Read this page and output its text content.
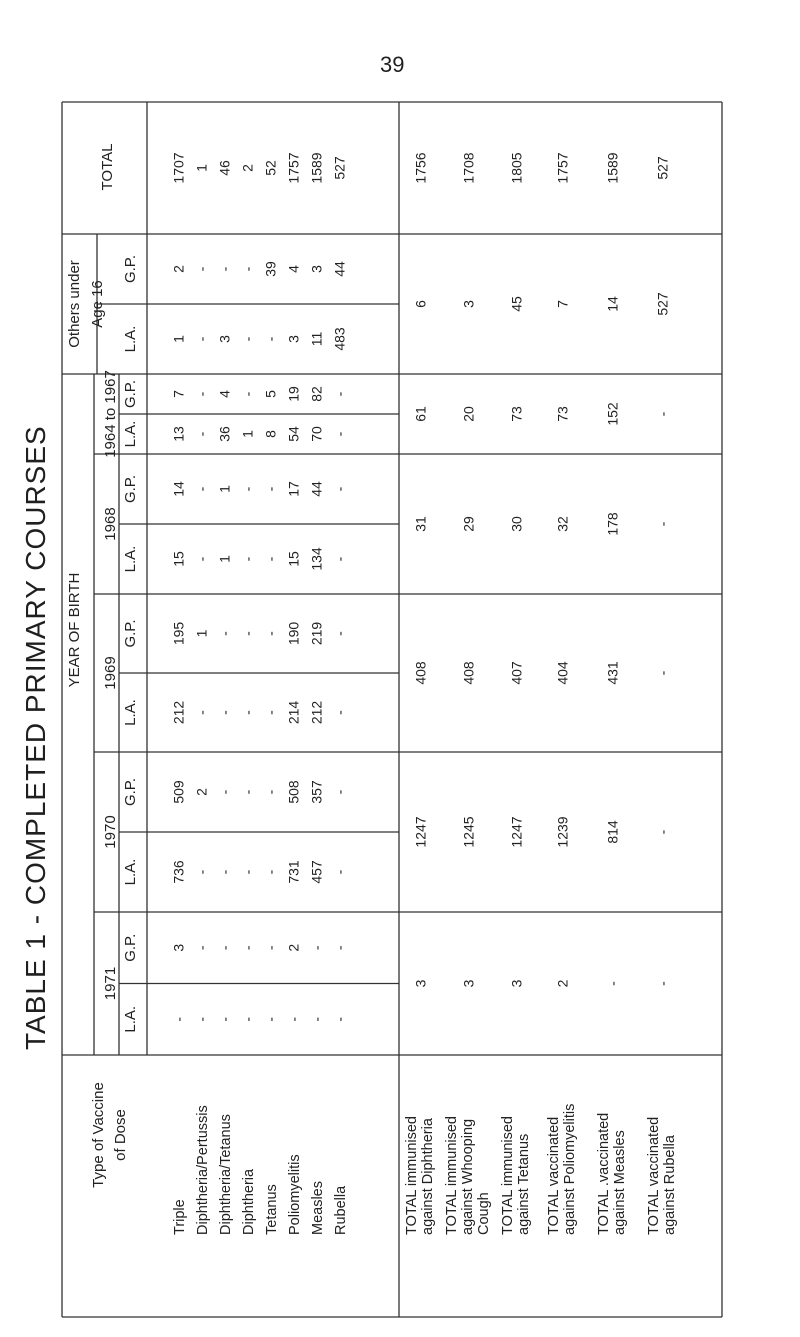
39
TABLE 1 - COMPLETED PRIMARY COURSES
Type of Vaccine of Dose
YEAR OF BIRTH
TOTAL
Others under Age 16
1971
L.A.
G.P.
1970
L.A.
G.P.
1969
L.A.
G.P.
1968
L.A.
G.P.
1964 to 1967 L.A.
G.P.
L.A.
G.P.
Triple Diphtheria/Pertussis Diphtheria/Tetanus Diphtheria Tetanus Poliomyelitis Measles Rubella
- - - - - - - -
3 - - - - 2 - -
736 - - - - 731 457 -
509 2 - - - 508 357 -
212 - - - - 214 212 -
195 1 - - - 190 219 -
15 - 1 - - 15 134 -
14 - 1 - - 17 44 -
13 - 36 1 8 54 70 -
7 - 4 - 5 19 82 -
1 - 3 - - 3 11 483
2 - - - 39 4 3 44
1707 1 46 2 52 1757 1589 527
TOTAL immunised against Diphtheria
3
1247
408
31
61
6
1756
TOTAL immunised against Whooping Cough
3
1245
408
29
20
3
1708
TOTAL immunised against Tetanus
3
1247
407
30
73
45
1805
TOTAL vaccinated against Poliomyelitis
2
1239
404
32
73
7
1757
TOTAL .vaccinated against Measles
-
814
431
178
152
14
1589
TOTAL vaccinated against Rubella
-
-
-
-
-
527
527
